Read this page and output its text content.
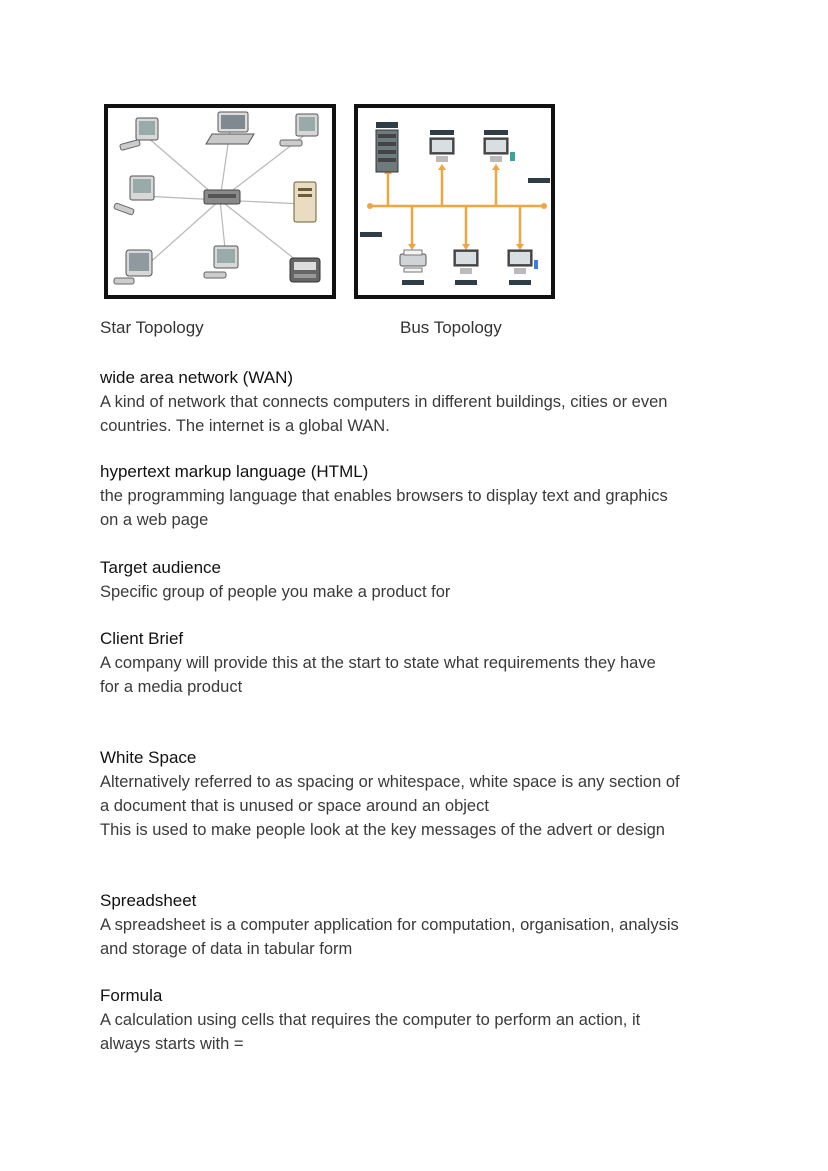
Star Topology	Bus Topology
wide area network (WAN)
A kind of network that connects computers in different buildings, cities or even
countries. The internet is a global WAN.
hypertext markup language (HTML)
the programming language that enables browsers to display text and graphics
on a web page
Target audience
Specific group of people you make a product for
Client Brief
A company will provide this at the start to state what requirements they have
for a media product
White Space
Alternatively referred to as spacing or whitespace, white space is any section of
a document that is unused or space around an object
This is used to make people look at the key messages of the advert or design
Spreadsheet
A spreadsheet is a computer application for computation, organisation, analysis
and storage of data in tabular form
Formula
A calculation using cells that requires the computer to perform an action, it
always starts with =
